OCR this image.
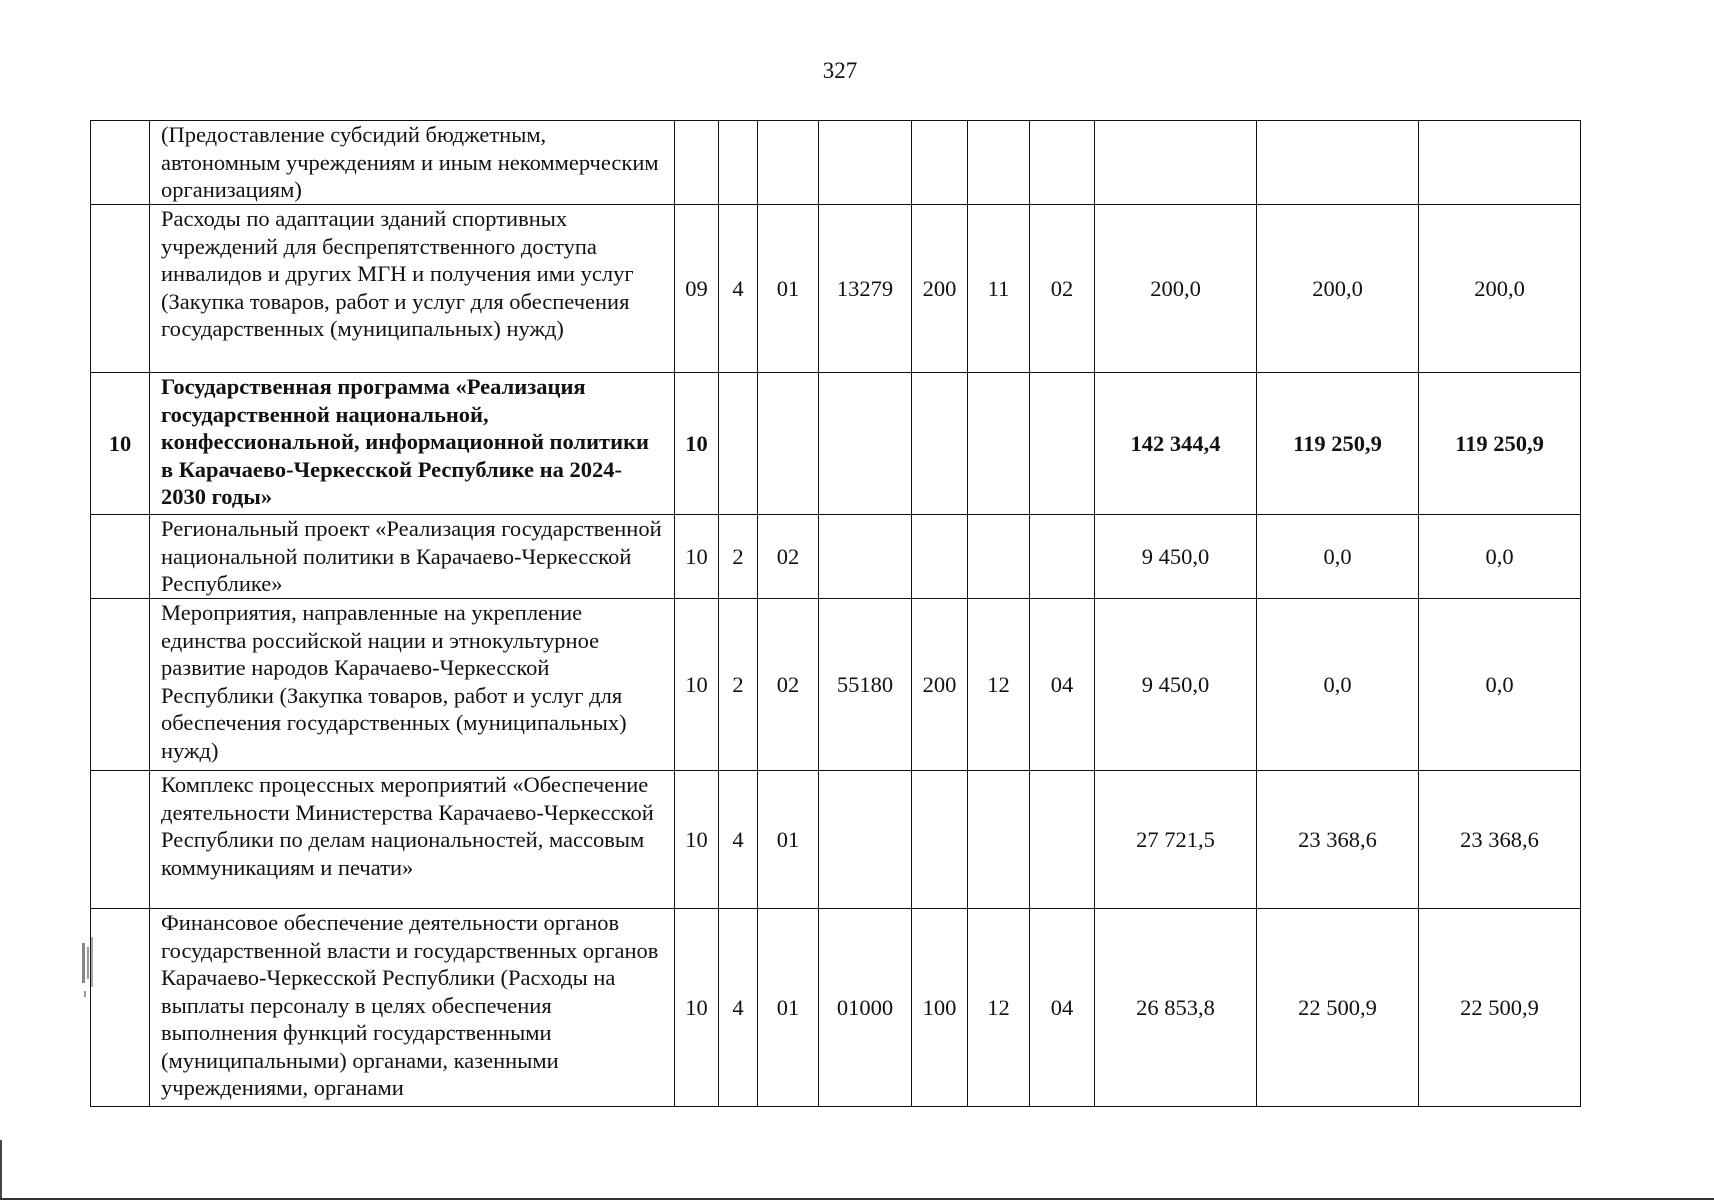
327
	(Предоставление субсидий бюджетным, автономным учреждениям и иным некоммерческим организациям)										
	Расходы по адаптации зданий спортивных учреждений для беспрепятственного доступа инвалидов и других МГН и получения ими услуг (Закупка товаров, работ и услуг для обеспечения государственных (муниципальных) нужд)	09	4	01	13279	200	11	02	200,0	200,0	200,0
10	Государственная программа «Реализация государственной национальной, конфессиональной, информационной политики в Карачаево-Черкесской Республике на 2024-2030 годы»	10							142 344,4	119 250,9	119 250,9
	Региональный проект «Реализация государственной национальной политики в Карачаево-Черкесской Республике»	10	2	02					9 450,0	0,0	0,0
	Мероприятия, направленные на укрепление единства российской нации и этнокультурное развитие народов Карачаево-Черкесской Республики (Закупка товаров, работ и услуг для обеспечения государственных (муниципальных) нужд)	10	2	02	55180	200	12	04	9 450,0	0,0	0,0
	Комплекс процессных мероприятий «Обеспечение деятельности Министерства Карачаево-Черкесской Республики по делам национальностей, массовым коммуникациям и печати»	10	4	01					27 721,5	23 368,6	23 368,6
	Финансовое обеспечение деятельности органов государственной власти и государственных органов Карачаево-Черкесской Республики (Расходы на выплаты персоналу в целях обеспечения выполнения функций государственными (муниципальными) органами, казенными учреждениями, органами	10	4	01	01000	100	12	04	26 853,8	22 500,9	22 500,9
